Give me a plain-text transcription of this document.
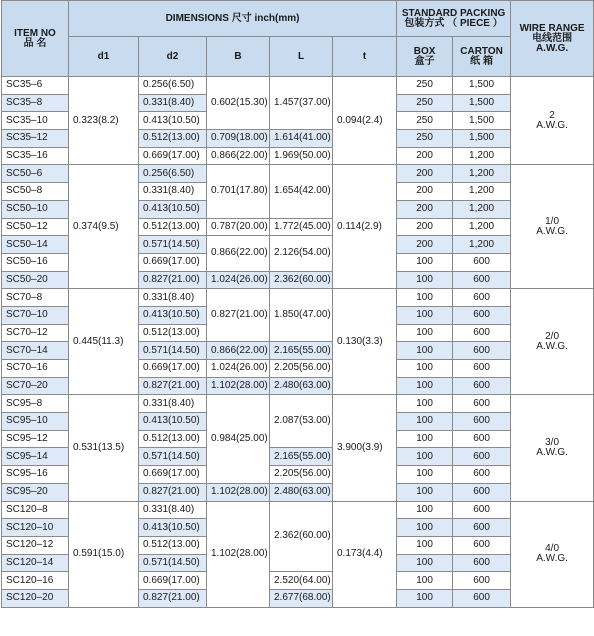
ITEM NO
品 名	DIMENSIONS 尺寸 inch(mm)					STANDARD PACKING
包装方式 （ PIECE ）		WIRE RANGE
电线范围
A.W.G.

	d1	d2	B	L	t	BOX
盒子	CARTON
纸 箱	

SC35–6	0.323(8.2)	0.256(6.50)	0.602(15.30)	1.457(37.00)	0.094(2.4)	250	1,500	2
A.W.G.

SC35–8		0.331(8.40)				250	1,500	
SC35–10		0.413(10.50)				250	1,500	
SC35–12		0.512(13.00)	0.709(18.00)	1.614(41.00)		250	1,500	
SC35–16		0.669(17.00)	0.866(22.00)	1.969(50.00)		200	1,200	
SC50–6	0.374(9.5)	0.256(6.50)	0.701(17.80)	1.654(42.00)	0.114(2.9)	200	1,200	1/0
A.W.G.

SC50–8		0.331(8.40)				200	1,200	
SC50–10		0.413(10.50)				200	1,200	
SC50–12		0.512(13.00)	0.787(20.00)	1.772(45.00)		200	1,200	
SC50–14		0.571(14.50)	0.866(22.00)	2.126(54.00)		200	1,200	
SC50–16		0.669(17.00)				100	600	
SC50–20		0.827(21.00)	1.024(26.00)	2.362(60.00)		100	600	
SC70–8	0.445(11.3)	0.331(8.40)	0.827(21.00)	1.850(47.00)	0.130(3.3)	100	600	2/0
A.W.G.

SC70–10		0.413(10.50)				100	600	
SC70–12		0.512(13.00)				100	600	
SC70–14		0.571(14.50)	0.866(22.00)	2.165(55.00)		100	600	
SC70–16		0.669(17.00)	1.024(26.00)	2.205(56.00)		100	600	
SC70–20		0.827(21.00)	1.102(28.00)	2.480(63.00)		100	600	
SC95–8	0.531(13.5)	0.331(8.40)	0.984(25.00)	2.087(53.00)	3.900(3.9)	100	600	3/0
A.W.G.

SC95–10		0.413(10.50)				100	600	
SC95–12		0.512(13.00)				100	600	
SC95–14		0.571(14.50)		2.165(55.00)		100	600	
SC95–16		0.669(17.00)		2.205(56.00)		100	600	
SC95–20		0.827(21.00)	1.102(28.00)	2.480(63.00)		100	600	
SC120–8	0.591(15.0)	0.331(8.40)	1.102(28.00)	2.362(60.00)	0.173(4.4)	100	600	4/0
A.W.G.

SC120–10		0.413(10.50)				100	600	
SC120–12		0.512(13.00)				100	600	
SC120–14		0.571(14.50)				100	600	
SC120–16		0.669(17.00)		2.520(64.00)		100	600	
SC120–20		0.827(21.00)		2.677(68.00)		100	600	
